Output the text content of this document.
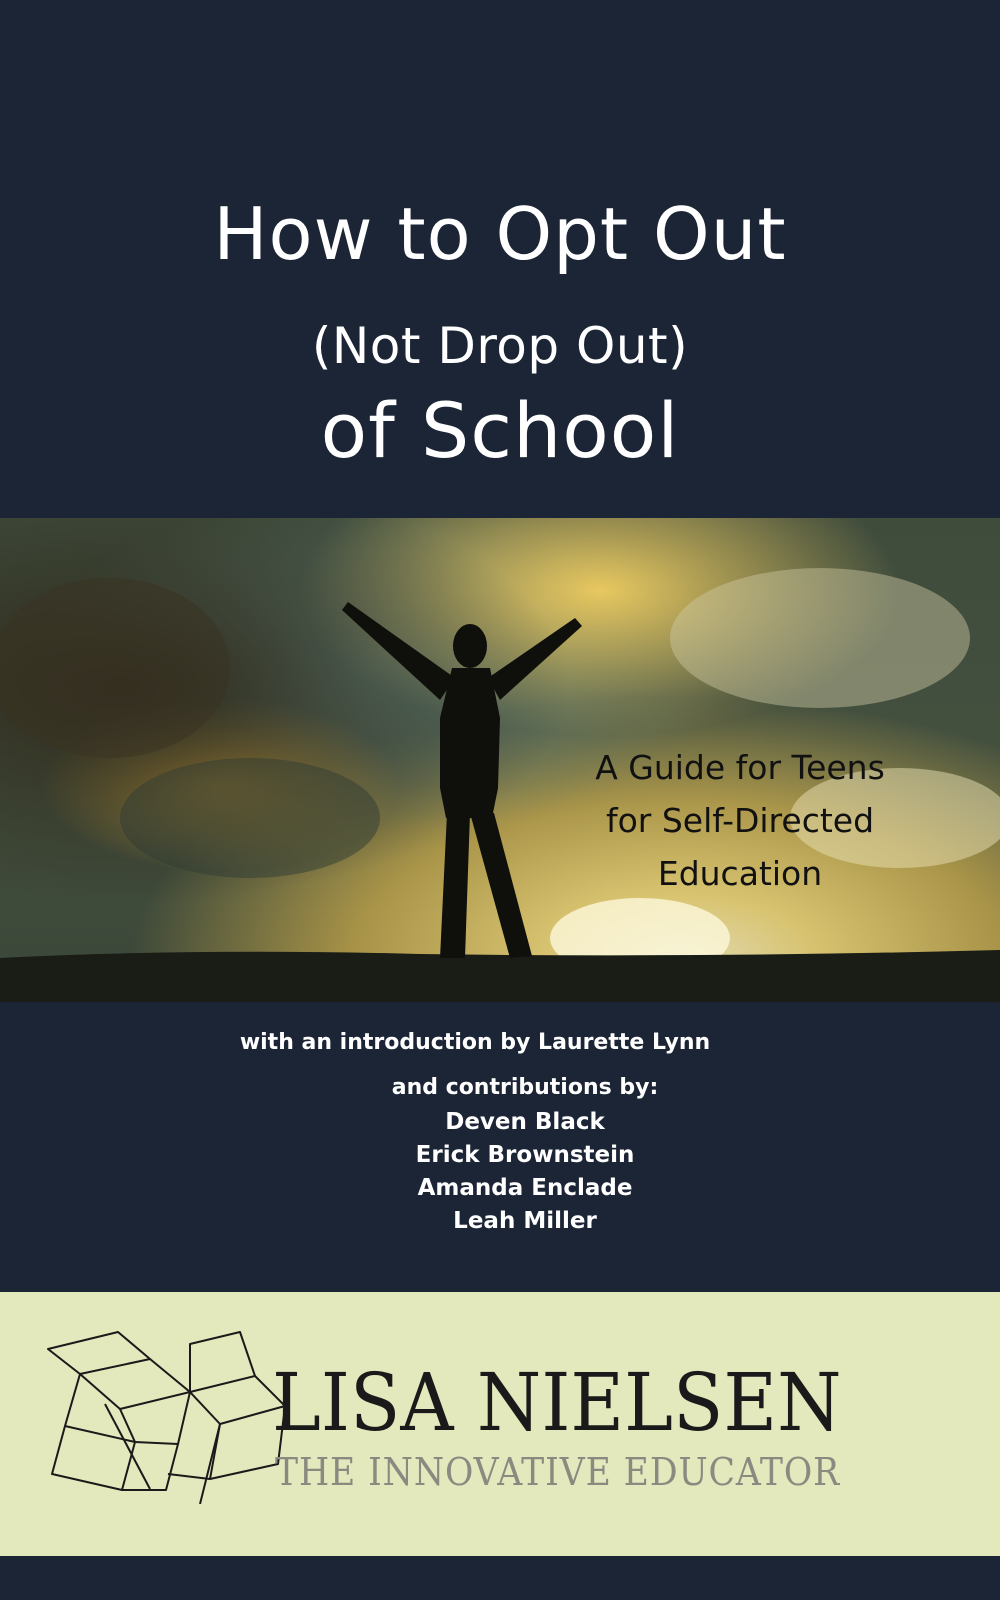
How to Opt Out
(Not Drop Out)
of School
A Guide for Teens
for Self-Directed
Education
with an introduction by Laurette Lynn
and contributions by:
Deven Black
Erick Brownstein
Amanda Enclade
Leah Miller
LISA NIELSEN
THE INNOVATIVE EDUCATOR
